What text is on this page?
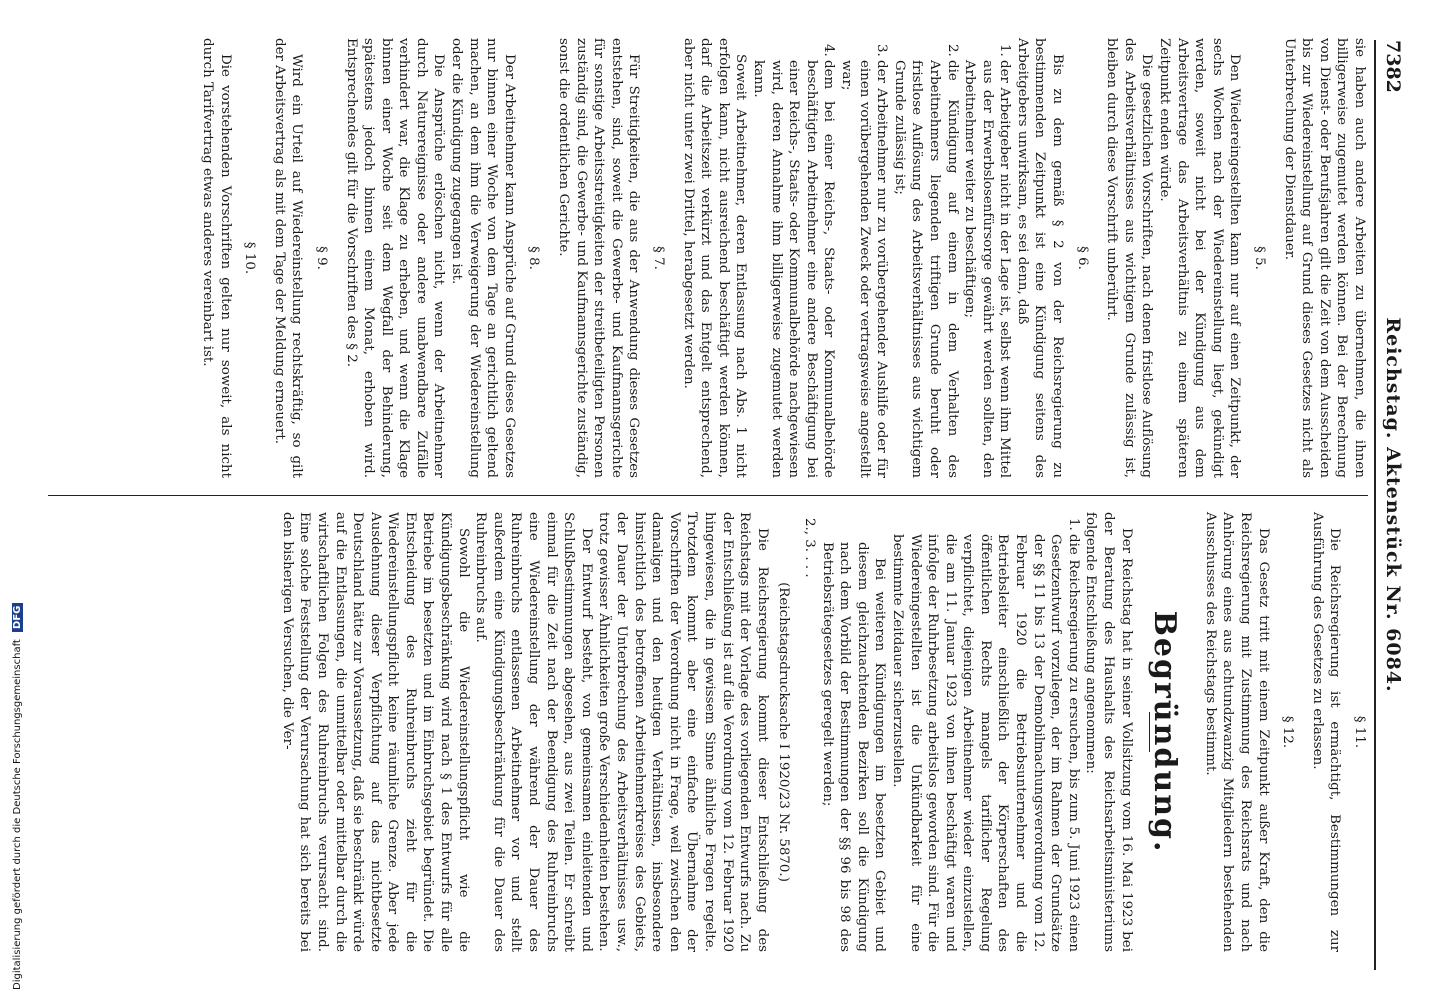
7382
Reichstag. Aktenstück Nr. 6084.

sie haben auch andere Arbeiten zu übernehmen, die ihnen billigerweise zugemutet werden können. Bei der Berechnung von Dienst- oder Berufsjahren gilt die Zeit von dem Ausscheiden bis zur Wiedereinstellung auf Grund dieses Gesetzes nicht als Unterbrechung der Dienstdauer.

§ 5.

Den Wiedereingestellten kann nur auf einen Zeitpunkt, der sechs Wochen nach der Wiedereinstellung liegt, gekündigt werden, soweit nicht bei der Kündigung aus dem Arbeitsvertrage das Arbeitsverhältnis zu einem späteren Zeitpunkt enden würde.

Die gesetzlichen Vorschriften, nach denen fristlose Auflösung des Arbeitsverhältnisses aus wichtigem Grunde zulässig ist, bleiben durch diese Vorschrift unberührt.

§ 6.

Bis zu dem gemäß § 2 von der Reichsregierung zu bestimmenden Zeitpunkt ist eine Kündigung seitens des Arbeitgebers unwirksam, es sei denn, daß

1.der Arbeitgeber nicht in der Lage ist, selbst wenn ihm Mittel aus der Erwerbslosenfürsorge gewährt werden sollten, den Arbeitnehmer weiter zu beschäftigen;
2.die Kündigung auf einem in dem Verhalten des Arbeitnehmers liegenden triftigen Grunde beruht oder fristlose Auflösung des Arbeitsverhältnisses aus wichtigem Grunde zulässig ist;
3.der Arbeitnehmer nur zu vorübergehender Aushilfe oder für einen vorübergehenden Zweck oder vertragsweise angestellt war;
4.dem bei einer Reichs-, Staats- oder Kommunalbehörde beschäftigten Arbeitnehmer eine andere Beschäftigung bei einer Reichs-, Staats- oder Kommunalbehörde nachgewiesen wird, deren Annahme ihm billigerweise zugemutet werden kann.

Soweit Arbeitnehmer, deren Entlassung nach Abs. 1 nicht erfolgen kann, nicht ausreichend beschäftigt werden können, darf die Arbeitszeit verkürzt und das Entgelt entsprechend, aber nicht unter zwei Drittel, herabgesetzt werden.

§ 7.

Für Streitigkeiten, die aus der Anwendung dieses Gesetzes entstehen, sind, soweit die Gewerbe- und Kaufmannsgerichte für sonstige Arbeitsstreitigkeiten der streitbeteiligten Personen zuständig sind, die Gewerbe- und Kaufmannsgerichte zuständig, sonst die ordentlichen Gerichte.

§ 8.

Der Arbeitnehmer kann Ansprüche auf Grund dieses Gesetzes nur binnen einer Woche von dem Tage an gerichtlich geltend machen, an dem ihm die Verweigerung der Wiedereinstellung oder die Kündigung zugegangen ist.

Die Ansprüche erlöschen nicht, wenn der Arbeitnehmer durch Naturereignisse oder andere unabwendbare Zufälle verhindert war, die Klage zu erheben, und wenn die Klage binnen einer Woche seit dem Wegfall der Behinderung, spätestens jedoch binnen einem Monat, erhoben wird. Entsprechendes gilt für die Vorschriften des § 2.

§ 9.

Wird ein Urteil auf Wiedereinstellung rechtskräftig, so gilt der Arbeitsvertrag als mit dem Tage der Meldung erneuert.

§ 10.

Die vorstehenden Vorschriften gelten nur soweit, als nicht durch Tarifvertrag etwas anderes vereinbart ist.

§ 11.

Die Reichsregierung ist ermächtigt, Bestimmungen zur Ausführung des Gesetzes zu erlassen.

§ 12.

Das Gesetz tritt mit einem Zeitpunkt außer Kraft, den die Reichsregierung mit Zustimmung des Reichsrats und nach Anhörung eines aus achtundzwanzig Mitgliedern bestehenden Ausschusses des Reichstags bestimmt.

Begründung.

Der Reichstag hat in seiner Vollsitzung vom 16. Mai 1923 bei der Beratung des Haushalts des Reichsarbeitsministeriums folgende Entschließung angenommen:

1.die Reichsregierung zu ersuchen, bis zum 5. Juni 1923 einen Gesetzentwurf vorzulegen, der im Rahmen der Grundsätze der §§ 11 bis 13 der Demobilmachungsverordnung vom 12. Februar 1920 die Betriebsunternehmer und die Betriebsleiter einschließlich der Körperschaften des öffentlichen Rechts mangels tariflicher Regelung verpflichtet, diejenigen Arbeitnehmer wieder einzustellen, die am 11. Januar 1923 von ihnen beschäftigt waren und infolge der Ruhrbesetzung arbeitslos geworden sind. Für die Wiedereingestellten ist die Unkündbarkeit für eine bestimmte Zeitdauer sicherzustellen.

Bei weiteren Kündigungen im besetzten Gebiet und diesem gleichzuachtenden Bezirken soll die Kündigung nach dem Vorbild der Bestimmungen der §§ 96 bis 98 des Betriebsrätegesetzes geregelt werden;

2., 3. . . .

(Reichstagsdrucksache I 1920/23 Nr. 5870.)

Die Reichsregierung kommt dieser Entschließung des Reichstags mit der Vorlage des vorliegenden Entwurfs nach. Zu der Entschließung ist auf die Verordnung vom 12. Februar 1920 hingewiesen, die in gewissem Sinne ähnliche Fragen regelte. Trotzdem kommt aber eine einfache Übernahme der Vorschriften der Verordnung nicht in Frage, weil zwischen den damaligen und den heutigen Verhältnissen, insbesondere hinsichtlich des betroffenen Arbeitnehmerkreises des Gebiets, der Dauer der Unterbrechung des Arbeitsverhältnisses usw., trotz gewisser Ähnlichkeiten große Verschiedenheiten bestehen.

Der Entwurf besteht, von gemeinsamen einleitenden und Schlußbestimmungen abgesehen, aus zwei Teilen. Er schreibt einmal für die Zeit nach der Beendigung des Ruhreinbruchs eine Wiedereinstellung der während der Dauer des Ruhreinbruchs entlassenen Arbeitnehmer vor und stellt außerdem eine Kündigungsbeschränkung für die Dauer des Ruhreinbruchs auf.

Sowohl die Wiedereinstellungspflicht wie die Kündigungsbeschränkung wird nach § 1 des Entwurfs für alle Betriebe im besetzten und im Einbruchsgebiet begründet. Die Entscheidung des Ruhreinbruchs zieht für die Wiedereinstellungspflicht keine räumliche Grenze. Aber jede Ausdehnung dieser Verpflichtung auf das nichtbesetzte Deutschland hätte zur Voraussetzung, daß sie beschränkt würde auf die Entlassungen, die unmittelbar oder mittelbar durch die wirtschaftlichen Folgen des Ruhreinbruchs verursacht sind. Eine solche Feststellung der Verursachung hat sich bereits bei den bisherigen Versuchen, die Ver-

Digitalisierung gefördert durch die Deutsche Forschungsgemeinschaft DFG
